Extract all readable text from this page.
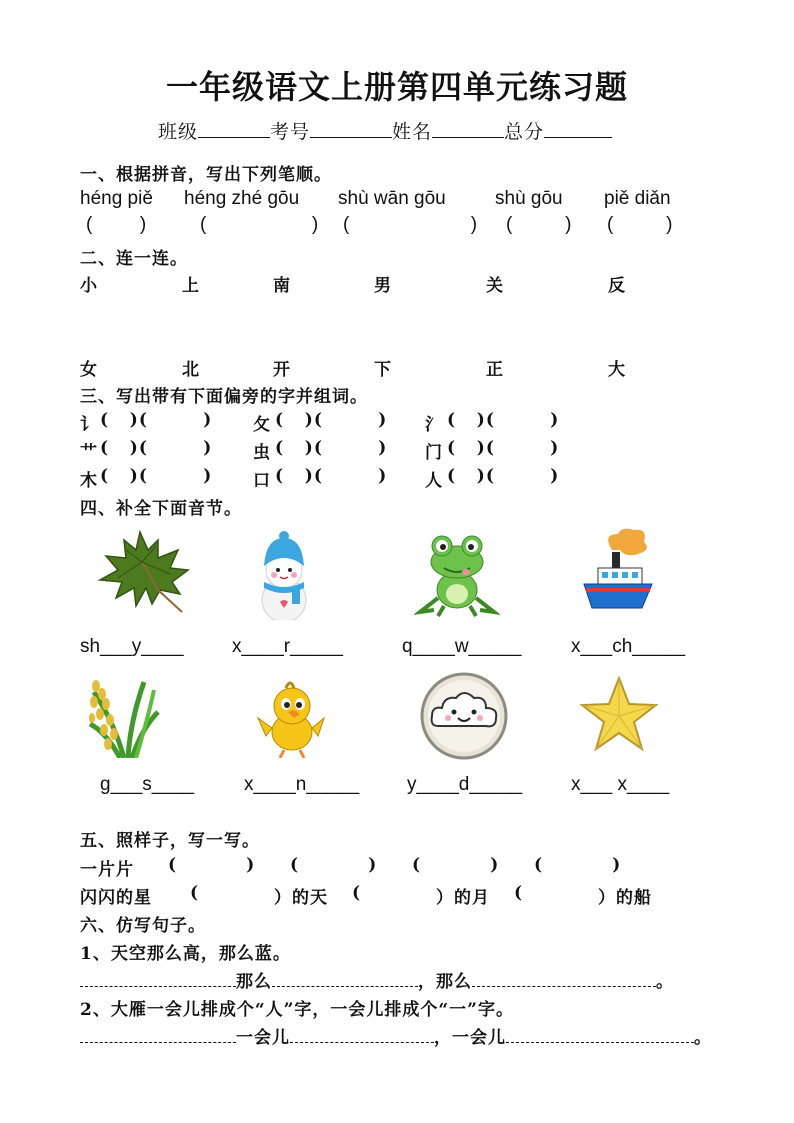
一年级语文上册第四单元练习题
班级	考号	姓名	总分
一、根据拼音，写出下列笔顺。
héng piě héng zhé gōu shù wān gōu	shù gōu piě diǎn
(         )	(                    ) (                       ) (          ) (          )
二、连一连。
小	上	南	男	关	反
女	北	开	下	正	大
三、写出带有下面偏旁的字并组词。
讠 (   )(        ) 攵 (   )(        ) 氵 (   )(        )
艹 (   )(        ) 虫 (   )(        ) 门 (   )(        )
木 (   )(        ) 口 (   )(        ) 人 (   )(        )
四、补全下面音节。
sh___y____	x____r_____	q____w_____	x___ch_____
g___s____	x____n_____	y____d_____	x___ x____
五、照样子，写一写。
一片片 (          ) (          ) (          ) (          )
闪闪的星 ( ）的天 ( ）的月 ( ）的船
六、仿写句子。
1、天空那么高，那么蓝。
那么	，那么	。
2、大雁一会儿排成个“人”字，一会儿排成个“一”字。
一会儿	，一会儿	。
